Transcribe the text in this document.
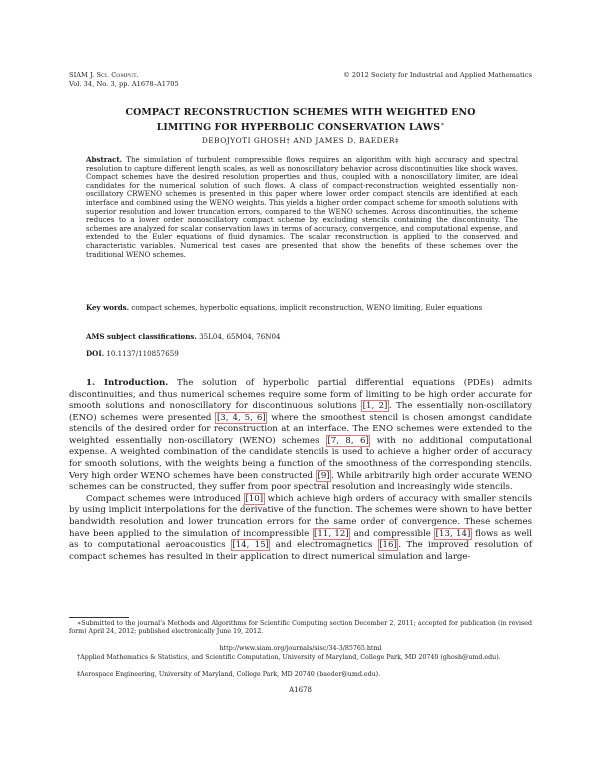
SIAM J. Sci. Comput.
Vol. 34, No. 3, pp. A1678–A1705
© 2012 Society for Industrial and Applied Mathematics
COMPACT RECONSTRUCTION SCHEMES WITH WEIGHTED ENO
LIMITING FOR HYPERBOLIC CONSERVATION LAWS∗
DEBOJYOTI GHOSH† AND JAMES D. BAEDER‡
Abstract. The simulation of turbulent compressible flows requires an algorithm with high accuracy and spectral resolution to capture different length scales, as well as nonoscillatory behavior across discontinuities like shock waves. Compact schemes have the desired resolution properties and thus, coupled with a nonoscillatory limiter, are ideal candidates for the numerical solution of such flows. A class of compact-reconstruction weighted essentially non-oscillatory CRWENO schemes is presented in this paper where lower order compact stencils are identified at each interface and combined using the WENO weights. This yields a higher order compact scheme for smooth solutions with superior resolution and lower truncation errors, compared to the WENO schemes. Across discontinuities, the scheme reduces to a lower order nonoscillatory compact scheme by excluding stencils containing the discontinuity. The schemes are analyzed for scalar conservation laws in terms of accuracy, convergence, and computational expense, and extended to the Euler equations of fluid dynamics. The scalar reconstruction is applied to the conserved and characteristic variables. Numerical test cases are presented that show the benefits of these schemes over the traditional WENO schemes.
Key words. compact schemes, hyperbolic equations, implicit reconstruction, WENO limiting, Euler equations
AMS subject classifications. 35L04, 65M04, 76N04
DOI. 10.1137/110857659

1. Introduction. The solution of hyperbolic partial differential equations (PDEs) admits discontinuities, and thus numerical schemes require some form of limiting to be high order accurate for smooth solutions and nonoscillatory for discontinuous solutions [1, 2] . The essentially non-oscillatory (ENO) schemes were presented [3, 4, 5, 6] where the smoothest stencil is chosen amongst candidate stencils of the desired order for reconstruction at an interface. The ENO schemes were extended to the weighted essentially non-oscillatory (WENO) schemes [7, 8, 6] with no additional computational expense. A weighted combination of the candidate stencils is used to achieve a higher order of accuracy for smooth solutions, with the weights being a function of the smoothness of the corresponding stencils. Very high order WENO schemes have been constructed [9] . While arbitrarily high order accurate WENO schemes can be constructed, they suffer from poor spectral resolution and increasingly wide stencils.

Compact schemes were introduced [10] which achieve high orders of accuracy with smaller stencils by using implicit interpolations for the derivative of the function. The schemes were shown to have better bandwidth resolution and lower truncation errors for the same order of convergence. These schemes have been applied to the simulation of incompressible [11, 12] and compressible [13, 14] flows as well as to computational aeroacoustics [14, 15] and electromagnetics [16] . The improved resolution of compact schemes has resulted in their application to direct numerical simulation and large-

∗Submitted to the journal’s Methods and Algorithms for Scientific Computing section December 2, 2011; accepted for publication (in revised form) April 24, 2012; published electronically June 19, 2012.
http://www.siam.org/journals/sisc/34-3/85765.html
†Applied Mathematics & Statistics, and Scientific Computation, University of Maryland, College Park, MD 20740 (ghosh@umd.edu).
‡Aerospace Engineering, University of Maryland, College Park, MD 20740 (baeder@umd.edu).
A1678
